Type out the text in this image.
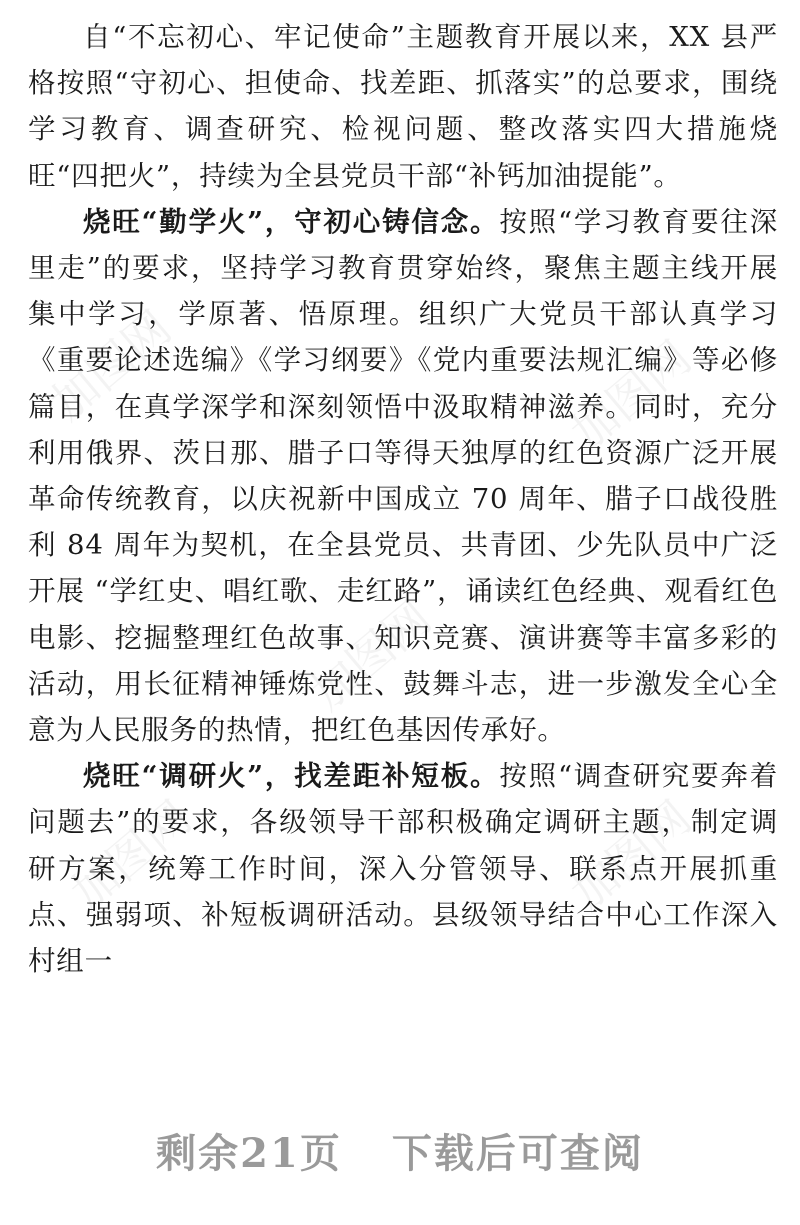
加图网	加图网
加图网
加图网	加图网

自“不忘初心、牢记使命”主题教育开展以来，XX 县严格按照“守初心、担使命、找差距、抓落实”的总要求，围绕学习教育、调查研究、检视问题、整改落实四大措施烧旺“四把火”，持续为全县党员干部“补钙加油提能”。

烧旺“勤学火”，守初心铸信念。按照“学习教育要往深里走”的要求，坚持学习教育贯穿始终，聚焦主题主线开展集中学习，学原著、悟原理。组织广大党员干部认真学习《重要论述选编》《学习纲要》《党内重要法规汇编》等必修篇目，在真学深学和深刻领悟中汲取精神滋养。同时，充分利用俄界、茨日那、腊子口等得天独厚的红色资源广泛开展革命传统教育，以庆祝新中国成立 70 周年、腊子口战役胜利 84 周年为契机，在全县党员、共青团、少先队员中广泛开展 “学红史、唱红歌、走红路”，诵读红色经典、观看红色电影、挖掘整理红色故事、知识竞赛、演讲赛等丰富多彩的活动，用长征精神锤炼党性、鼓舞斗志，进一步激发全心全意为人民服务的热情，把红色基因传承好。

烧旺“调研火”，找差距补短板。按照“调查研究要奔着问题去”的要求，各级领导干部积极确定调研主题，制定调研方案，统筹工作时间，深入分管领导、联系点开展抓重点、强弱项、补短板调研活动。县级领导结合中心工作深入村组一

剩余21页 下载后可查阅
